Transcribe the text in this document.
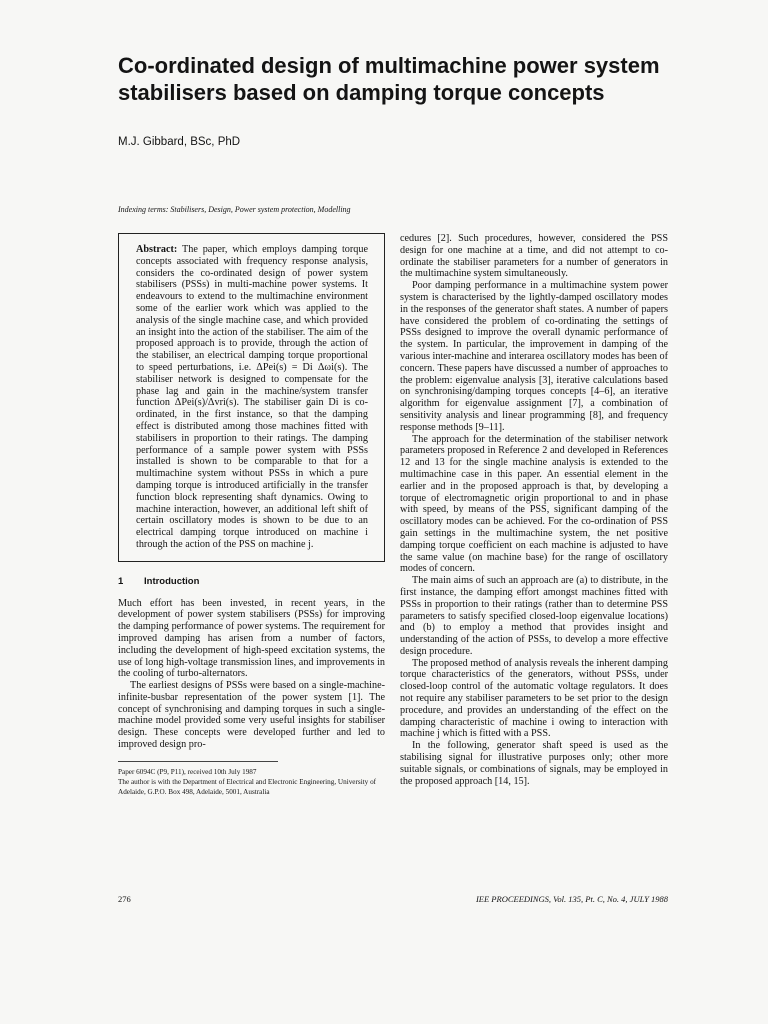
Co-ordinated design of multimachine power system stabilisers based on damping torque concepts

M.J. Gibbard, BSc, PhD

Indexing terms: Stabilisers, Design, Power system protection, Modelling

Abstract: The paper, which employs damping torque concepts associated with frequency response analysis, considers the co-ordinated design of power system stabilisers (PSSs) in multi-machine power systems. It endeavours to extend to the multimachine environment some of the earlier work which was applied to the analysis of the single machine case, and which provided an insight into the action of the stabiliser. The aim of the proposed approach is to provide, through the action of the stabiliser, an electrical damping torque proportional to speed perturbations, i.e. ΔPei(s) = Di Δωi(s). The stabiliser network is designed to compensate for the phase lag and gain in the machine/system transfer function ΔPei(s)/Δvri(s). The stabiliser gain Di is co-ordinated, in the first instance, so that the damping effect is distributed among those machines fitted with stabilisers in proportion to their ratings. The damping performance of a sample power system with PSSs installed is shown to be comparable to that for a multimachine system without PSSs in which a pure damping torque is introduced artificially in the transfer function block representing shaft dynamics. Owing to machine interaction, however, an additional left shift of certain oscillatory modes is shown to be due to an electrical damping torque introduced on machine i through the action of the PSS on machine j.

1 Introduction

Much effort has been invested, in recent years, in the development of power system stabilisers (PSSs) for improving the damping performance of power systems. The requirement for improved damping has arisen from a number of factors, including the development of high-speed excitation systems, the use of long high-voltage transmission lines, and improvements in the cooling of turbo-alternators.

The earliest designs of PSSs were based on a single-machine-infinite-busbar representation of the power system [1]. The concept of synchronising and damping torques in such a single-machine model provided some very useful insights for stabiliser design. These concepts were developed further and led to improved design pro-

Paper 6094C (P9, P11), received 10th July 1987

The author is with the Department of Electrical and Electronic Engineering, University of Adelaide, G.P.O. Box 498, Adelaide, 5001, Australia

cedures [2]. Such procedures, however, considered the PSS design for one machine at a time, and did not attempt to co-ordinate the stabiliser parameters for a number of generators in the multimachine system simultaneously.

Poor damping performance in a multimachine system power system is characterised by the lightly-damped oscillatory modes in the responses of the generator shaft states. A number of papers have considered the problem of co-ordinating the settings of PSSs designed to improve the overall dynamic performance of the system. In particular, the improvement in damping of the various inter-machine and interarea oscillatory modes has been of concern. These papers have discussed a number of approaches to the problem: eigenvalue analysis [3], iterative calculations based on synchronising/damping torques concepts [4–6], an iterative algorithm for eigenvalue assignment [7], a combination of sensitivity analysis and linear programming [8], and frequency response methods [9–11].

The approach for the determination of the stabiliser network parameters proposed in Reference 2 and developed in References 12 and 13 for the single machine analysis is extended to the multimachine case in this paper. An essential element in the earlier and in the proposed approach is that, by developing a torque of electromagnetic origin proportional to and in phase with speed, by means of the PSS, significant damping of the oscillatory modes can be achieved. For the co-ordination of PSS gain settings in the multimachine system, the net positive damping torque coefficient on each machine is adjusted to have the same value (on machine base) for the range of oscillatory modes of concern.

The main aims of such an approach are (a) to distribute, in the first instance, the damping effort amongst machines fitted with PSSs in proportion to their ratings (rather than to determine PSS parameters to satisfy specified closed-loop eigenvalue locations) and (b) to employ a method that provides insight and understanding of the action of PSSs, to develop a more effective design procedure.

The proposed method of analysis reveals the inherent damping torque characteristics of the generators, without PSSs, under closed-loop control of the automatic voltage regulators. It does not require any stabiliser parameters to be set prior to the design procedure, and provides an understanding of the effect on the damping characteristic of machine i owing to interaction with machine j which is fitted with a PSS.

In the following, generator shaft speed is used as the stabilising signal for illustrative purposes only; other more suitable signals, or combinations of signals, may be employed in the proposed approach [14, 15].

276	IEE PROCEEDINGS, Vol. 135, Pt. C, No. 4, JULY 1988
